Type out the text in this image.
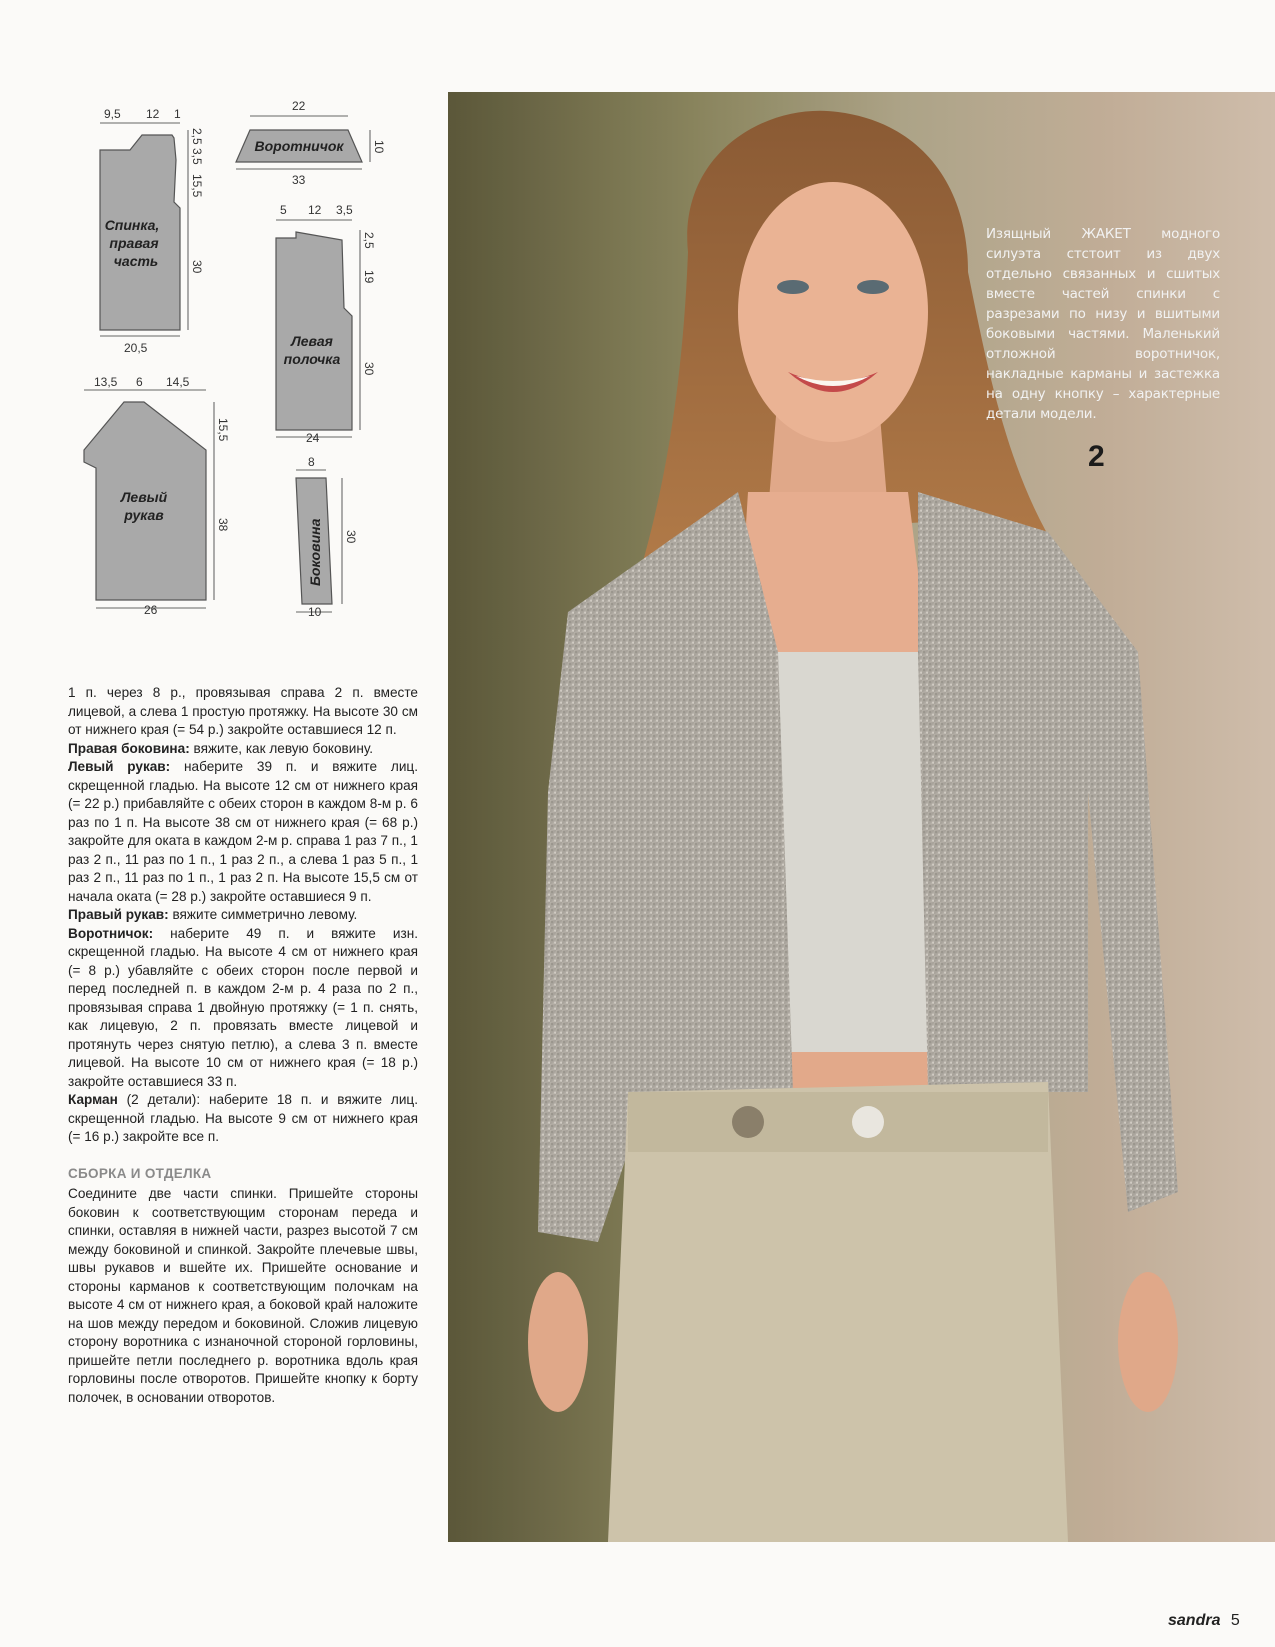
9,5 12 1
2,5
3,5
15,5
30
20,5
Спинка,
правая
часть
22
33
10
Воротничок
5 12 3,5
2,5
19
30
24
Левая
полочка
13,5 6 14,5
15,5
38
26
Левый
рукав
8
30
10
Боковина

1 п. через 8 р., провязывая справа 2 п. вместе лицевой, а слева 1 простую протяжку. На высоте 30 см от нижнего края (= 54 р.) закройте оставшиеся 12 п.

Правая боковина: вяжите, как левую боковину.

Левый рукав: наберите 39 п. и вяжите лиц. скрещенной гладью. На высоте 12 см от нижнего края (= 22 р.) прибавляйте с обеих сторон в каждом 8-м р. 6 раз по 1 п. На высоте 38 см от нижнего края (= 68 р.) закройте для оката в каждом 2-м р. справа 1 раз 7 п., 1 раз 2 п., 11 раз по 1 п., 1 раз 2 п., а слева 1 раз 5 п., 1 раз 2 п., 11 раз по 1 п., 1 раз 2 п. На высоте 15,5 см от начала оката (= 28 р.) закройте оставшиеся 9 п.

Правый рукав: вяжите симметрично левому.

Воротничок: наберите 49 п. и вяжите изн. скрещенной гладью. На высоте 4 см от нижнего края (= 8 р.) убавляйте с обеих сторон после первой и перед последней п. в каждом 2-м р. 4 раза по 2 п., провязывая справа 1 двойную протяжку (= 1 п. снять, как лицевую, 2 п. провязать вместе лицевой и протянуть через снятую петлю), а слева 3 п. вместе лицевой. На высоте 10 см от нижнего края (= 18 р.) закройте оставшиеся 33 п.

Карман (2 детали): наберите 18 п. и вяжите лиц. скрещенной гладью. На высоте 9 см от нижнего края (= 16 р.) закройте все п.

СБОРКА И ОТДЕЛКА

Соедините две части спинки. Пришейте стороны боковин к соответствующим сторонам переда и спинки, оставляя в нижней части, разрез высотой 7 см между боковиной и спинкой. Закройте плечевые швы, швы рукавов и вшейте их. Пришейте основание и стороны карманов к соответствующим полочкам на высоте 4 см от нижнего края, а боковой край наложите на шов между передом и боковиной. Сложив лицевую сторону воротника с изнаночной стороной горловины, пришейте петли последнего р. воротника вдоль края горловины после отворотов. Пришейте кнопку к борту полочек, в основании отворотов.

Изящный ЖАКЕТ модного силуэта стстоит из двух отдельно связанных и сшитых вместе частей спинки с разрезами по низу и вшитыми боковыми частями. Маленький отложной воротничок, накладные карманы и застежка на одну кнопку – характерные детали модели.
2
sandra 5
